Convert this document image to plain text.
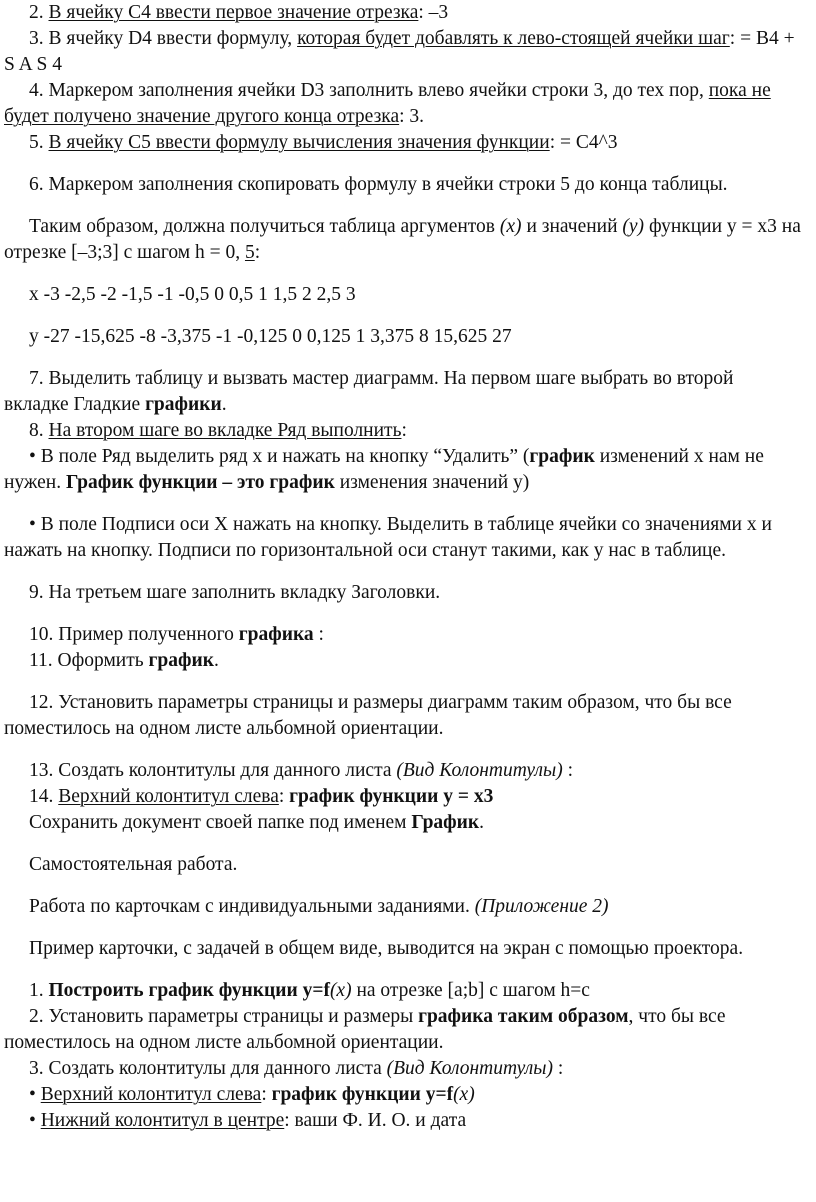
2. В ячейку С4 ввести первое значение отрезка: –3

3. В ячейку D4 ввести формулу, которая будет добавлять к лево-стоящей ячейки шаг: = В4 + S A S 4

4. Маркером заполнения ячейки D3 заполнить влево ячейки строки 3, до тех пор, пока не будет получено значение другого конца отрезка: 3.

5. В ячейку С5 ввести формулу вычисления значения функции: = C4^3

6. Маркером заполнения скопировать формулу в ячейки строки 5 до конца таблицы.

Таким образом, должна получиться таблица аргументов (x) и значений (y) функции y = x3 на отрезке [–3;3] с шагом h = 0, 5:

x -3 -2,5 -2 -1,5 -1 -0,5 0 0,5 1 1,5 2 2,5 3

y -27 -15,625 -8 -3,375 -1 -0,125 0 0,125 1 3,375 8 15,625 27

7. Выделить таблицу и вызвать мастер диаграмм. На первом шаге выбрать во второй вкладке Гладкие графики.

8. На втором шаге во вкладке Ряд выполнить:

• В поле Ряд выделить ряд x и нажать на кнопку “Удалить” (график изменений x нам не нужен. График функции – это график изменения значений y)

• В поле Подписи оси X нажать на кнопку. Выделить в таблице ячейки со значениями x и нажать на кнопку. Подписи по горизонтальной оси станут такими, как у нас в таблице.

9. На третьем шаге заполнить вкладку Заголовки.

10. Пример полученного графика :

11. Оформить график.

12. Установить параметры страницы и размеры диаграмм таким образом, что бы все поместилось на одном листе альбомной ориентации.

13. Создать колонтитулы для данного листа (Вид Колонтитулы) :

14. Верхний колонтитул слева: график функции y = x3

Сохранить документ своей папке под именем График.

Самостоятельная работа.

Работа по карточкам с индивидуальными заданиями. (Приложение 2)

Пример карточки, с задачей в общем виде, выводится на экран с помощью проектора.

1. Построить график функции y=f(x) на отрезке [a;b] с шагом h=c

2. Установить параметры страницы и размеры графика таким образом, что бы все поместилось на одном листе альбомной ориентации.

3. Создать колонтитулы для данного листа (Вид Колонтитулы) :

• Верхний колонтитул слева: график функции y=f(x)

• Нижний колонтитул в центре: ваши Ф. И. О. и дата
